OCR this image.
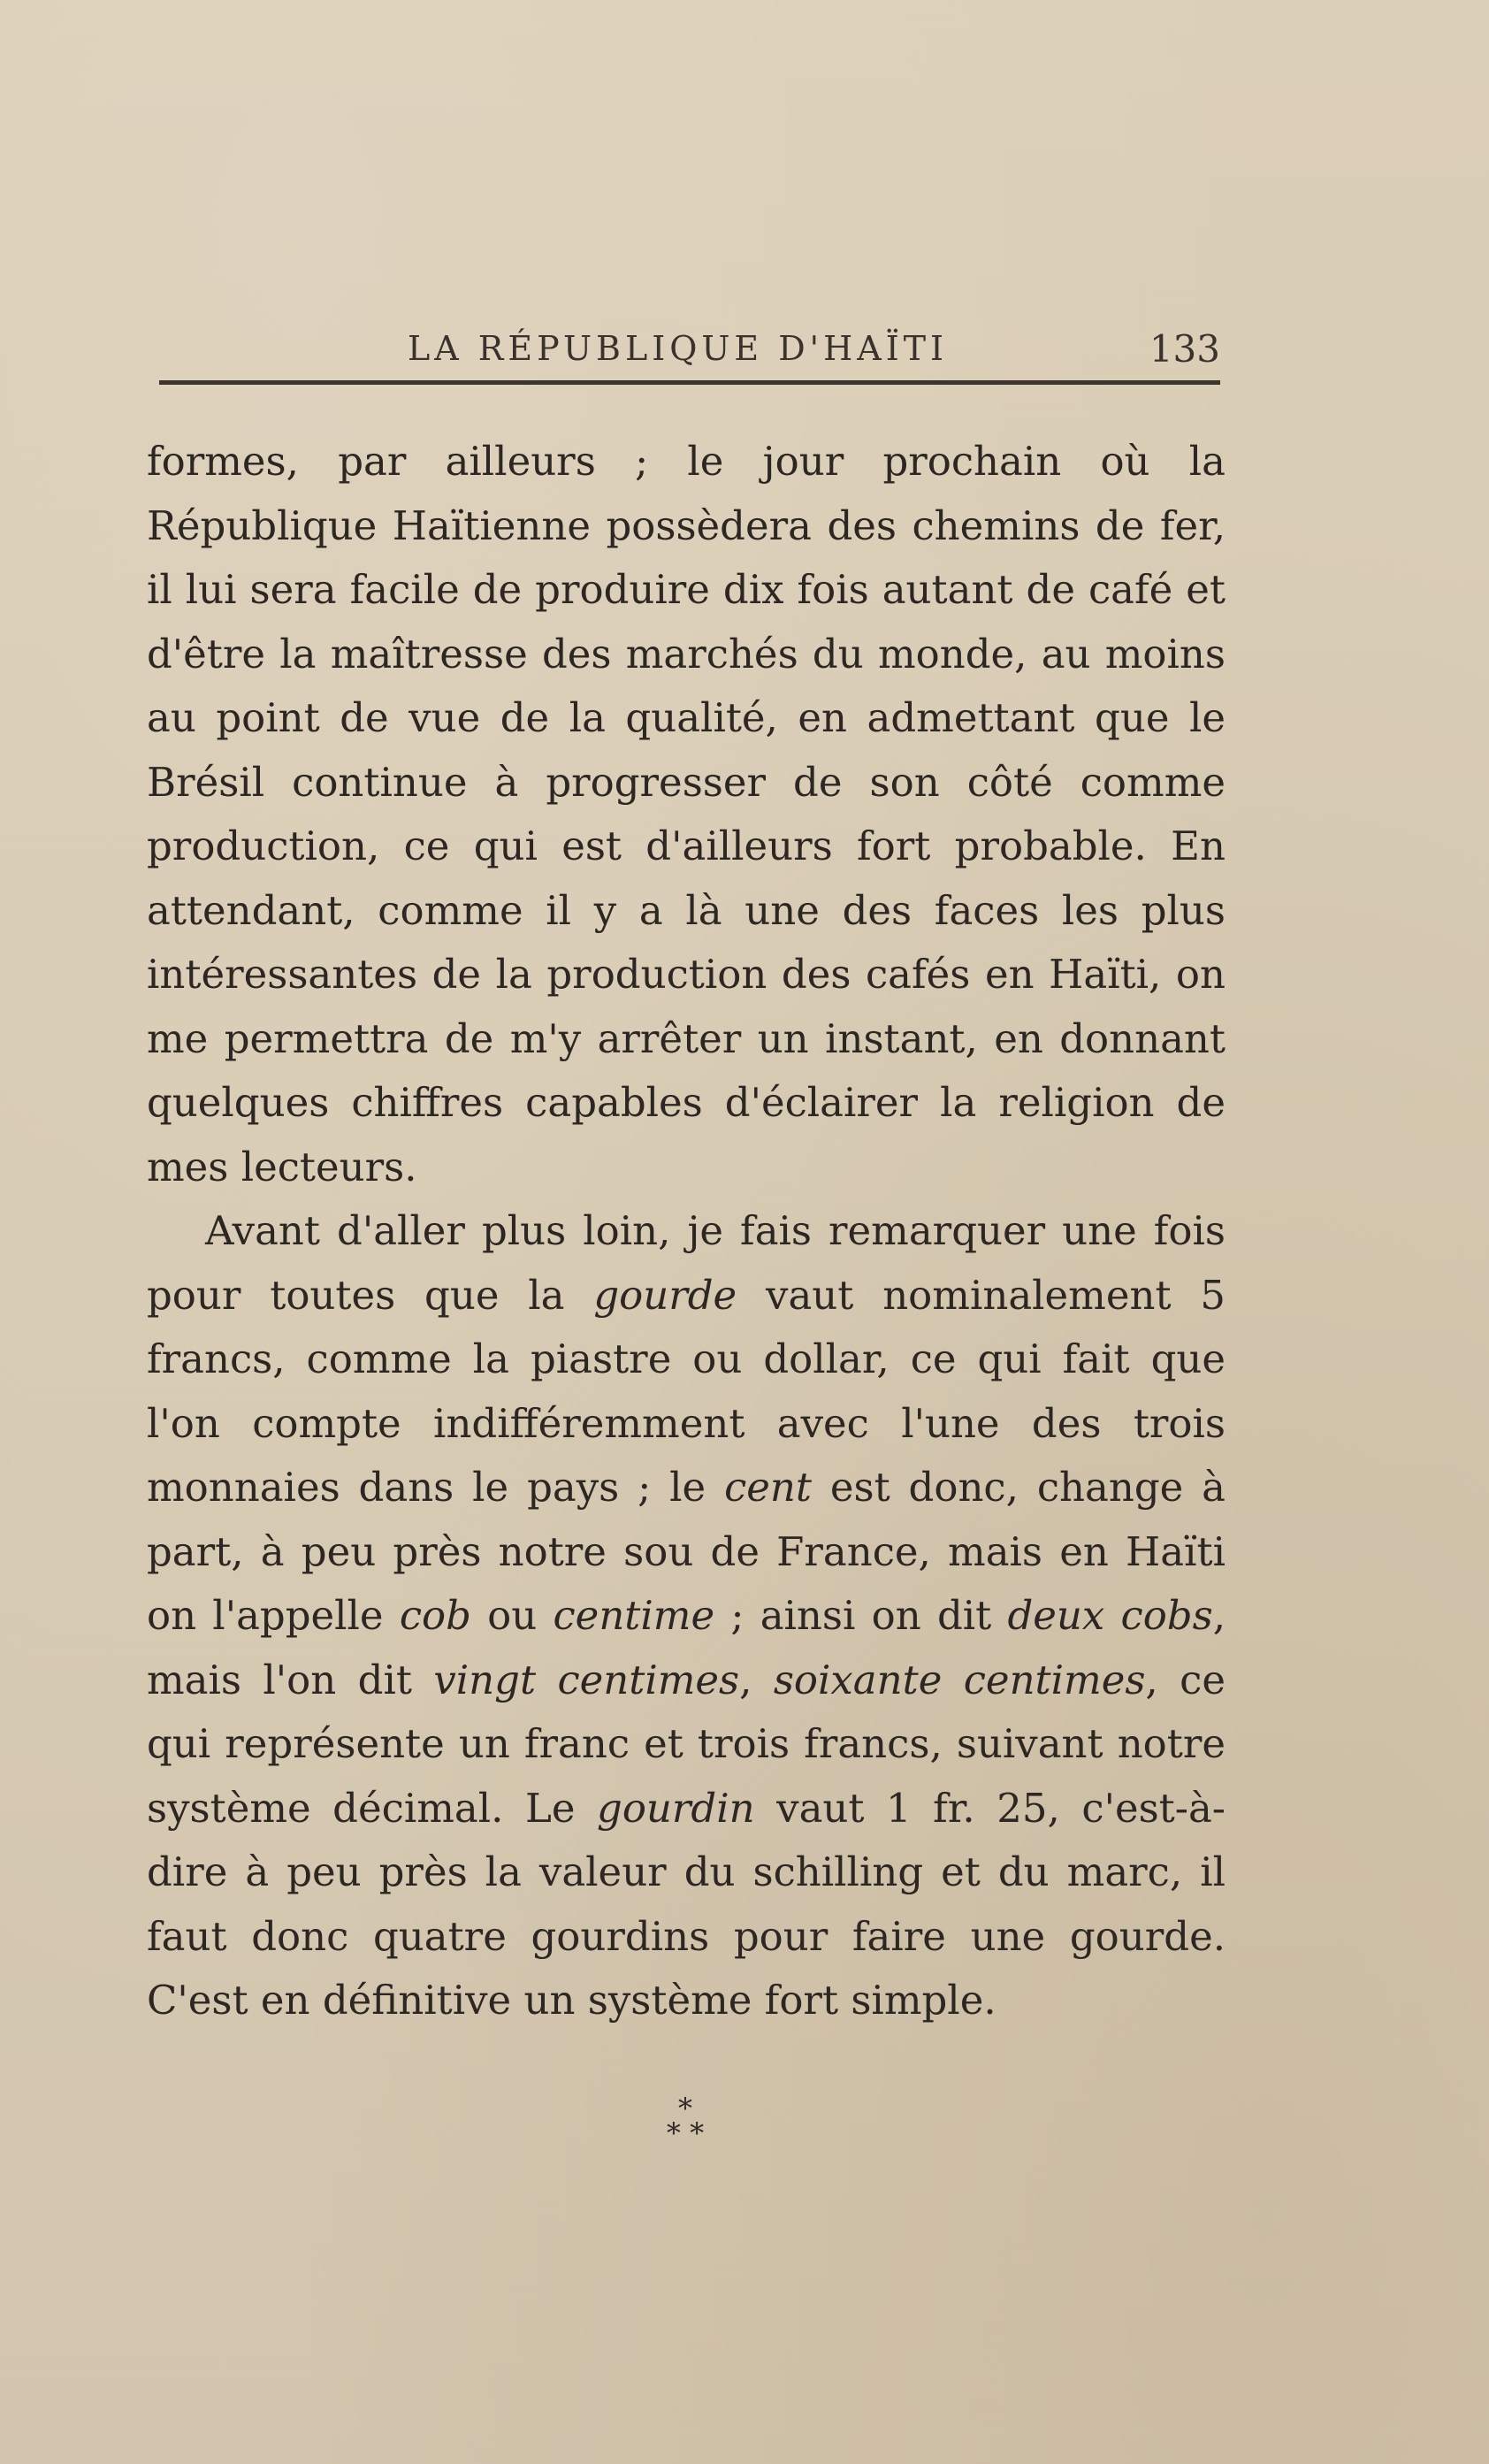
LA RÉPUBLIQUE D'HAÏTI	133

formes, par ailleurs ; le jour prochain où la République Haïtienne possèdera des chemins de fer, il lui sera facile de produire dix fois autant de café et d'être la maîtresse des marchés du monde, au moins au point de vue de la qualité, en admettant que le Brésil continue à progresser de son côté comme production, ce qui est d'ailleurs fort probable. En attendant, comme il y a là une des faces les plus intéressantes de la production des cafés en Haïti, on me permettra de m'y arrêter un instant, en donnant quelques chiffres capables d'éclairer la religion de mes lecteurs.

Avant d'aller plus loin, je fais remarquer une fois pour toutes que la gourde vaut nominalement 5 francs, comme la piastre ou dollar, ce qui fait que l'on compte indifféremment avec l'une des trois monnaies dans le pays ; le cent est donc, change à part, à peu près notre sou de France, mais en Haïti on l'appelle cob ou centime ; ainsi on dit deux cobs, mais l'on dit vingt centimes, soixante centimes, ce qui représente un franc et trois francs, suivant notre système décimal. Le gourdin vaut 1 fr. 25, c'est-à-dire à peu près la valeur du schilling et du marc, il faut donc quatre gourdins pour faire une gourde. C'est en définitive un système fort simple.

*
* *
